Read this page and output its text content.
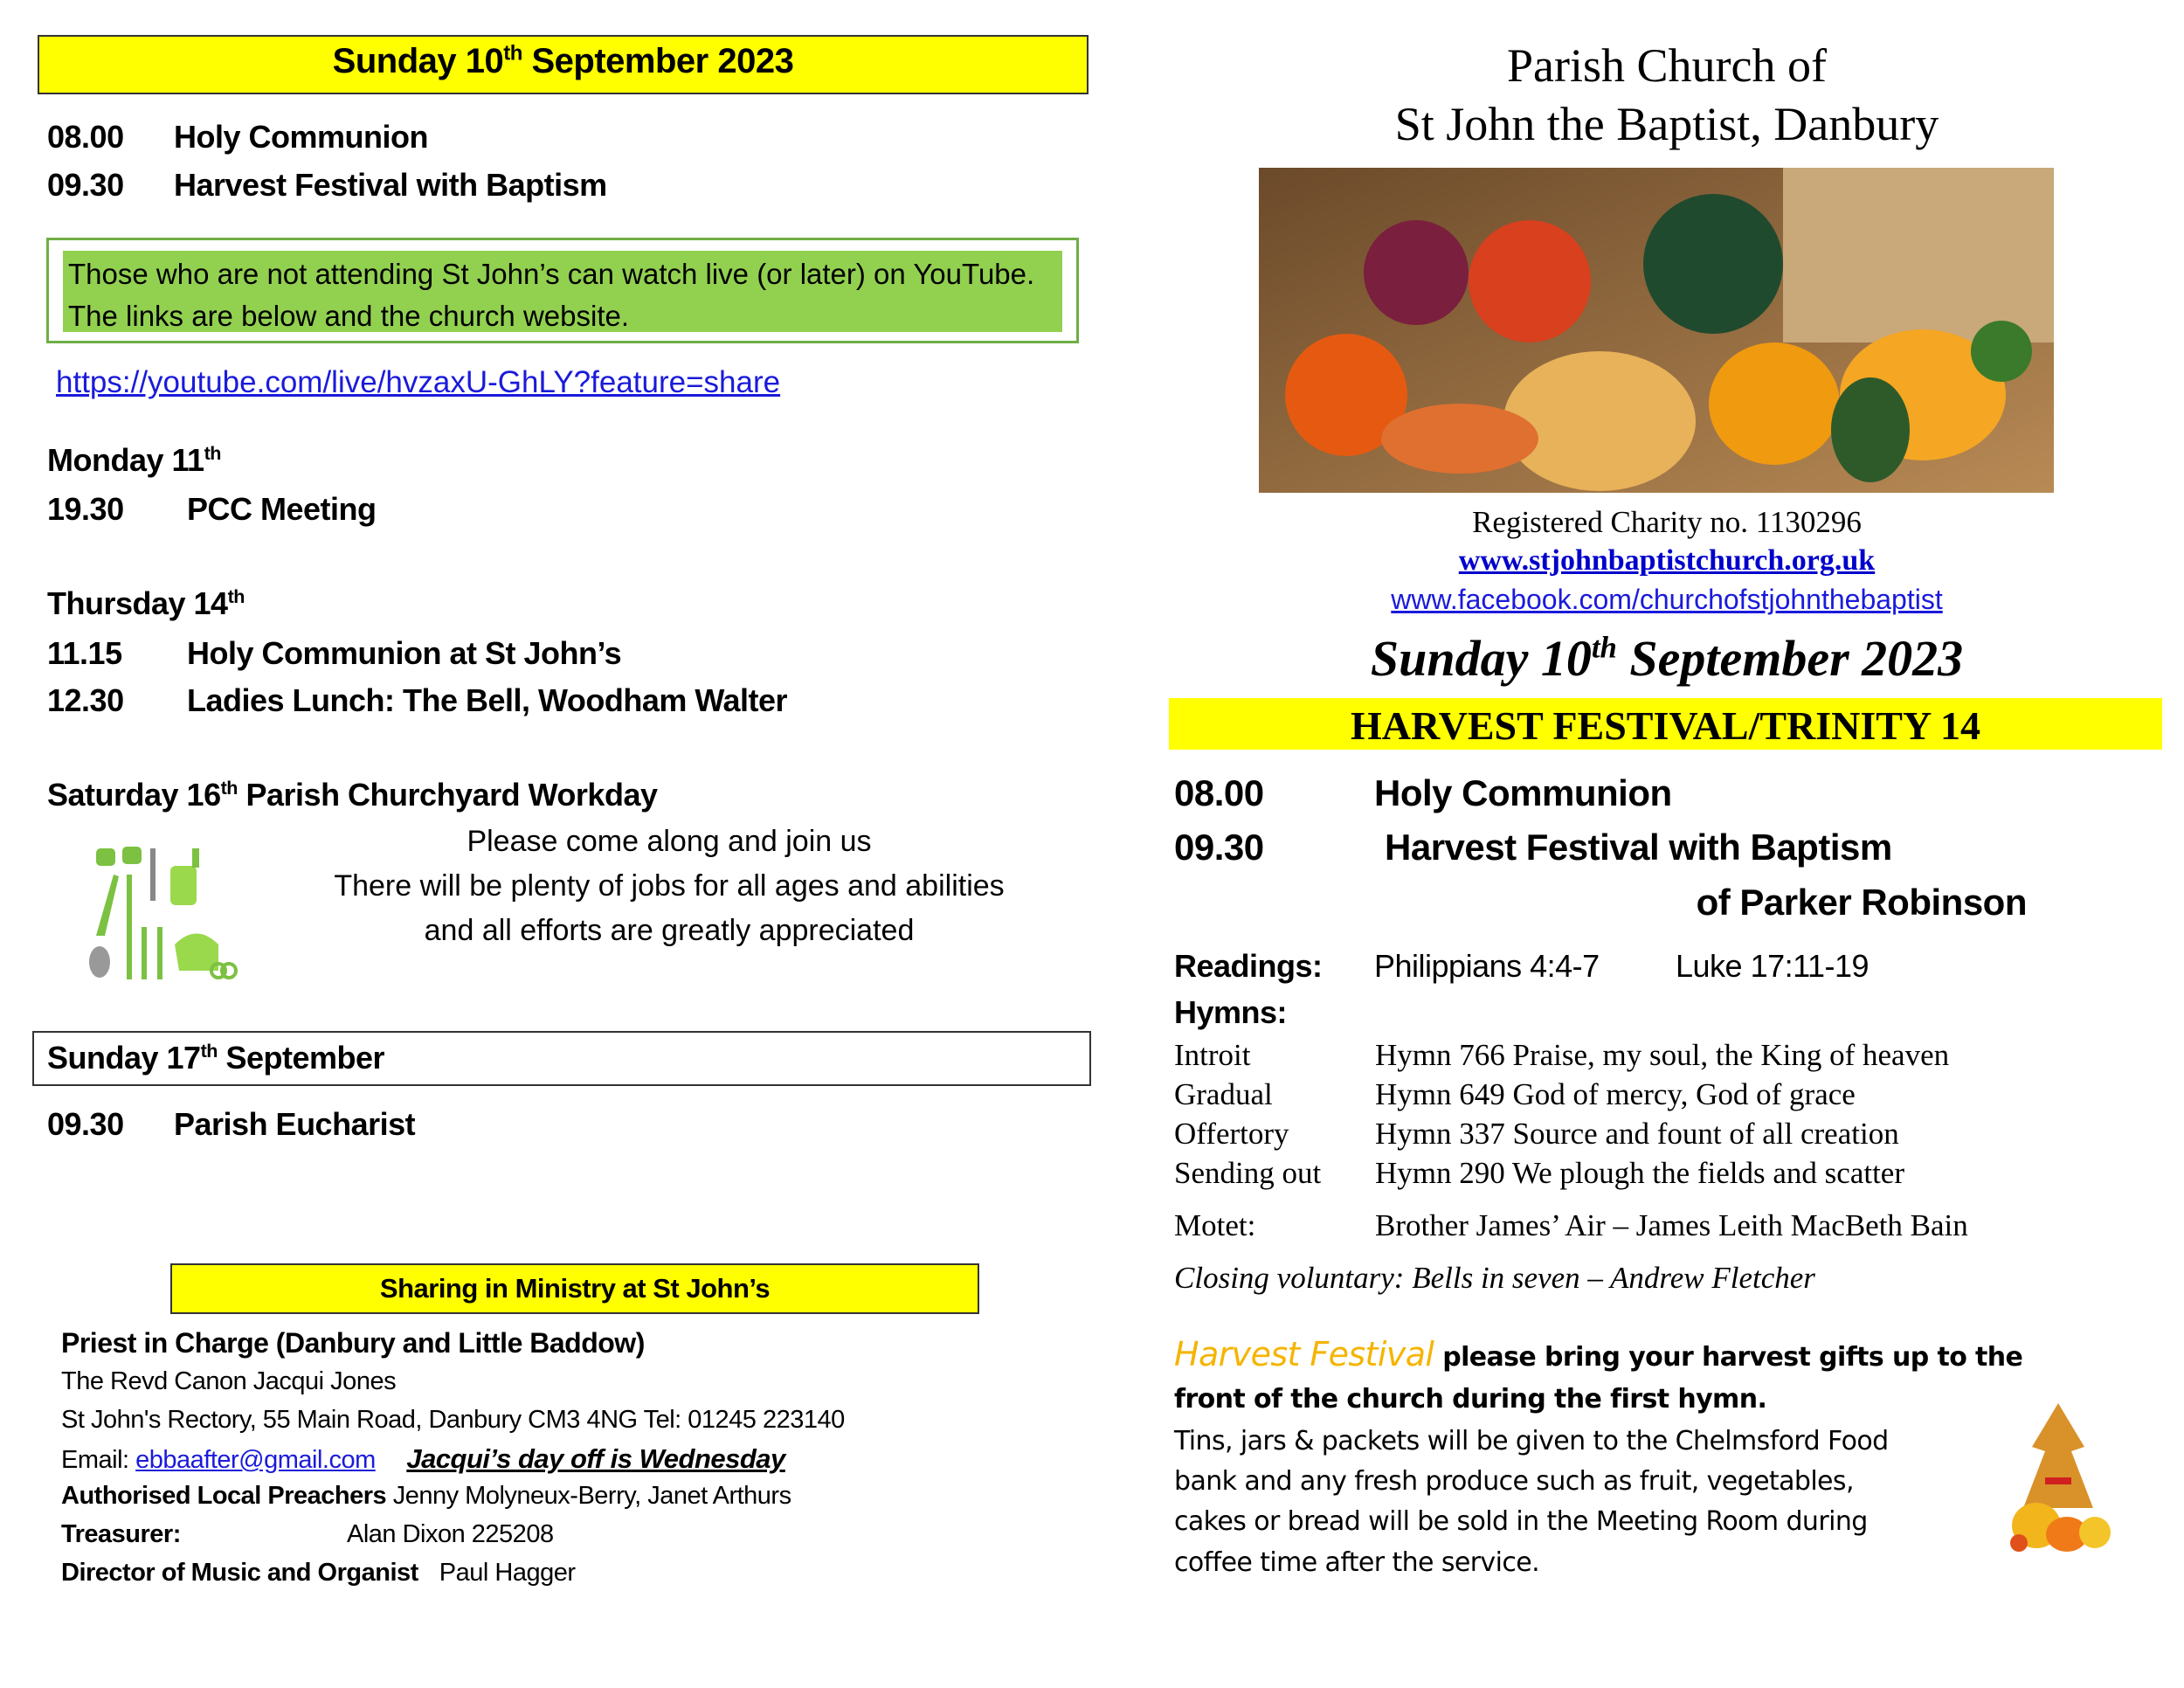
Sunday 10th September 2023
08.00 Holy Communion
09.30 Harvest Festival with Baptism
Those who are not attending St John’s can watch live (or later) on YouTube. The links are below and the church website.
https://youtube.com/live/hvzaxU-GhLY?feature=share
Monday 11th
19.30 PCC Meeting
Thursday 14th
11.15 Holy Communion at St John’s
12.30 Ladies Lunch: The Bell, Woodham Walter
Saturday 16th Parish Churchyard Workday
Please come along and join us
There will be plenty of jobs for all ages and abilities
and all efforts are greatly appreciated
Sunday 17th September
09.30 Parish Eucharist
Sharing in Ministry at St John’s
Priest in Charge (Danbury and Little Baddow)
The Revd Canon Jacqui Jones
St John's Rectory, 55 Main Road, Danbury CM3 4NG Tel: 01245 223140
Email: ebbaafter@gmail.com Jacqui’s day off is Wednesday
Authorised Local Preachers Jenny Molyneux-Berry, Janet Arthurs
Treasurer:	Alan Dixon 225208
Director of Music and Organist Paul Hagger
Parish Church of
St John the Baptist, Danbury
Registered Charity no. 1130296
www.stjohnbaptistchurch.org.uk
www.facebook.com/churchofstjohnthebaptist
Sunday 10th September 2023
HARVEST FESTIVAL/TRINITY 14
08.00	Holy Communion
09.30	Harvest Festival with Baptism
of Parker Robinson
Readings: Philippians 4:4-7 Luke 17:11-19
Hymns:
Introit	Hymn 766 Praise, my soul, the King of heaven
Gradual	Hymn 649 God of mercy, God of grace
Offertory	Hymn 337 Source and fount of all creation
Sending out Hymn 290 We plough the fields and scatter
Motet:	Brother James’ Air – James Leith MacBeth Bain
Closing voluntary: Bells in seven – Andrew Fletcher
Harvest Festival please bring your harvest gifts up to the
front of the church during the first hymn.
Tins, jars & packets will be given to the Chelmsford Food
bank and any fresh produce such as fruit, vegetables,
cakes or bread will be sold in the Meeting Room during
coffee time after the service.
